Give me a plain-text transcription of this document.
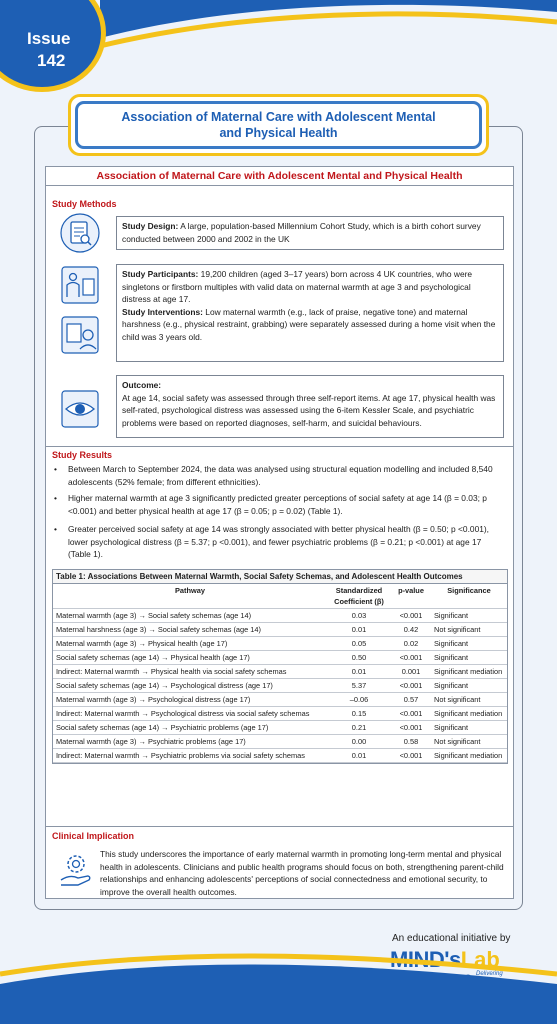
Issue
142
Association of Maternal Care with Adolescent Mental and Physical Health
Association of Maternal Care with Adolescent Mental and Physical Health
Study Methods
Study Design: A large, population-based Millennium Cohort Study, which is a birth cohort survey conducted between 2000 and 2002 in the UK
Study Participants: 19,200 children (aged 3–17 years) born across 4 UK countries, who were singletons or firstborn multiples with valid data on maternal warmth at age 3 and psychological distress at age 17.
Study Interventions: Low maternal warmth (e.g., lack of praise, negative tone) and maternal harshness (e.g., physical restraint, grabbing) were separately assessed during a home visit when the child was 3 years old.
Outcome:
At age 14, social safety was assessed through three self-report items. At age 17, physical health was self-rated, psychological distress was assessed using the 6-item Kessler Scale, and psychiatric problems were based on reported diagnoses, self-harm, and suicidal behaviours.
Study Results
• Between March to September 2024, the data was analysed using structural equation modelling and included 8,540 adolescents (52% female; from different ethnicities).
• Higher maternal warmth at age 3 significantly predicted greater perceptions of social safety at age 14 (β = 0.03; p <0.001) and better physical health at age 17 (β = 0.05; p = 0.02) (Table 1).
• Greater perceived social safety at age 14 was strongly associated with better physical health (β = 0.50; p <0.001), lower psychological distress (β = 5.37; p <0.001), and fewer psychiatric problems (β = 0.21; p <0.001) at age 17 (Table 1).
Table 1: Associations Between Maternal Warmth, Social Safety Schemas, and Adolescent Health Outcomes
Pathway	Standardized Coefficient (β)	p-value	Significance
Maternal warmth (age 3) → Social safety schemas (age 14)	0.03	<0.001	Significant
Maternal harshness (age 3) → Social safety schemas (age 14)	0.01	0.42	Not significant
Maternal warmth (age 3) → Physical health (age 17)	0.05	0.02	Significant
Social safety schemas (age 14) → Physical health (age 17)	0.50	<0.001	Significant
Indirect: Maternal warmth → Physical health via social safety schemas	0.01	0.001	Significant mediation
Social safety schemas (age 14) → Psychological distress (age 17)	5.37	<0.001	Significant
Maternal warmth (age 3) → Psychological distress (age 17)	–0.06	0.57	Not significant
Indirect: Maternal warmth → Psychological distress via social safety schemas	0.15	<0.001	Significant mediation
Social safety schemas (age 14) → Psychiatric problems (age 17)	0.21	<0.001	Significant
Maternal warmth (age 3) → Psychiatric problems (age 17)	0.00	0.58	Not significant
Indirect: Maternal warmth → Psychiatric problems via social safety schemas	0.01	<0.001	Significant mediation
Clinical Implication
This study underscores the importance of early maternal warmth in promoting long-term mental and physical health in adolescents. Clinicians and public health programs should focus on both, strengthening parent-child relationships and enhancing adolescents' perceptions of social connectedness and emotional security, to improve the overall health outcomes.
An educational initiative by
MIND'sLab
Delivering
